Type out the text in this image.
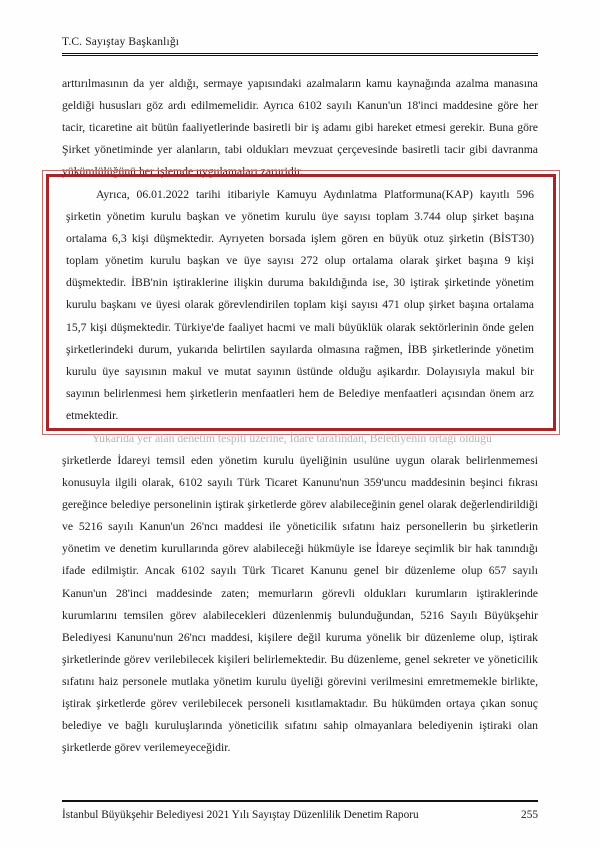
T.C. Sayıştay Başkanlığı
arttırılmasının da yer aldığı, sermaye yapısındaki azalmaların kamu kaynağında azalma manasına geldiği hususları göz ardı edilmemelidir. Ayrıca 6102 sayılı Kanun'un 18'inci maddesine göre her tacir, ticaretine ait bütün faaliyetlerinde basiretli bir iş adamı gibi hareket etmesi gerekir. Buna göre Şirket yönetiminde yer alanların, tabi oldukları mevzuat çerçevesinde basiretli tacir gibi davranma yükümlülüğünü her işlemde uygulamaları zaruridir.
Ayrıca, 06.01.2022 tarihi itibariyle Kamuyu Aydınlatma Platformuna(KAP) kayıtlı 596 şirketin yönetim kurulu başkan ve yönetim kurulu üye sayısı toplam 3.744 olup şirket başına ortalama 6,3 kişi düşmektedir. Ayrıyeten borsada işlem gören en büyük otuz şirketin (BİST30) toplam yönetim kurulu başkan ve üye sayısı 272 olup ortalama olarak şirket başına 9 kişi düşmektedir. İBB'nin iştiraklerine ilişkin duruma bakıldığında ise, 30 iştirak şirketinde yönetim kurulu başkanı ve üyesi olarak görevlendirilen toplam kişi sayısı 471 olup şirket başına ortalama 15,7 kişi düşmektedir. Türkiye'de faaliyet hacmi ve mali büyüklük olarak sektörlerinin önde gelen şirketlerindeki durum, yukarıda belirtilen sayılarda olmasına rağmen, İBB şirketlerinde yönetim kurulu üye sayısının makul ve mutat sayının üstünde olduğu aşikardır. Dolayısıyla makul bir sayının belirlenmesi hem şirketlerin menfaatleri hem de Belediye menfaatleri açısından önem arz etmektedir.
Yukarıda yer alan denetim tespiti üzerine, İdare tarafından, Belediyenin ortağı olduğu
şirketlerde İdareyi temsil eden yönetim kurulu üyeliğinin usulüne uygun olarak belirlenmemesi konusuyla ilgili olarak, 6102 sayılı Türk Ticaret Kanunu'nun 359'uncu maddesinin beşinci fıkrası gereğince belediye personelinin iştirak şirketlerde görev alabileceğinin genel olarak değerlendirildiği ve 5216 sayılı Kanun'un 26'ncı maddesi ile yöneticilik sıfatını haiz personellerin bu şirketlerin yönetim ve denetim kurullarında görev alabileceği hükmüyle ise İdareye seçimlik bir hak tanındığı ifade edilmiştir. Ancak 6102 sayılı Türk Ticaret Kanunu genel bir düzenleme olup 657 sayılı Kanun'un 28'inci maddesinde zaten; memurların görevli oldukları kurumların iştiraklerinde kurumlarını temsilen görev alabilecekleri düzenlenmiş bulunduğundan, 5216 Sayılı Büyükşehir Belediyesi Kanunu'nun 26'ncı maddesi, kişilere değil kuruma yönelik bir düzenleme olup, iştirak şirketlerinde görev verilebilecek kişileri belirlemektedir. Bu düzenleme, genel sekreter ve yöneticilik sıfatını haiz personele mutlaka yönetim kurulu üyeliği görevini verilmesini emretmemekle birlikte, iştirak şirketlerde görev verilebilecek personeli kısıtlamaktadır. Bu hükümden ortaya çıkan sonuç belediye ve bağlı kuruluşlarında yöneticilik sıfatını sahip olmayanlara belediyenin iştiraki olan şirketlerde görev verilemeyeceğidir.
İstanbul Büyükşehir Belediyesi 2021 Yılı Sayıştay Düzenlilik Denetim Raporu	255
